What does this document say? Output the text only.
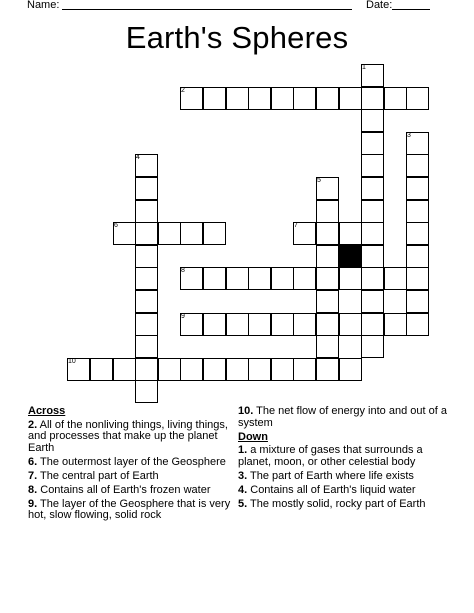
Name:	Date:
Earth's Spheres
1
2
3
4
5
6	7
8
9
10
Across
2. All of the nonliving things, living things, and processes that make up the planet Earth
6. The outermost layer of the Geosphere
7. The central part of Earth
8. Contains all of Earth's frozen water
9. The layer of the Geosphere that is very hot, slow flowing, solid rock
10. The net flow of energy into and out of a system
Down
1. a mixture of gases that surrounds a planet, moon, or other celestial body
3. The part of Earth where life exists
4. Contains all of Earth's liquid water
5. The mostly solid, rocky part of Earth
